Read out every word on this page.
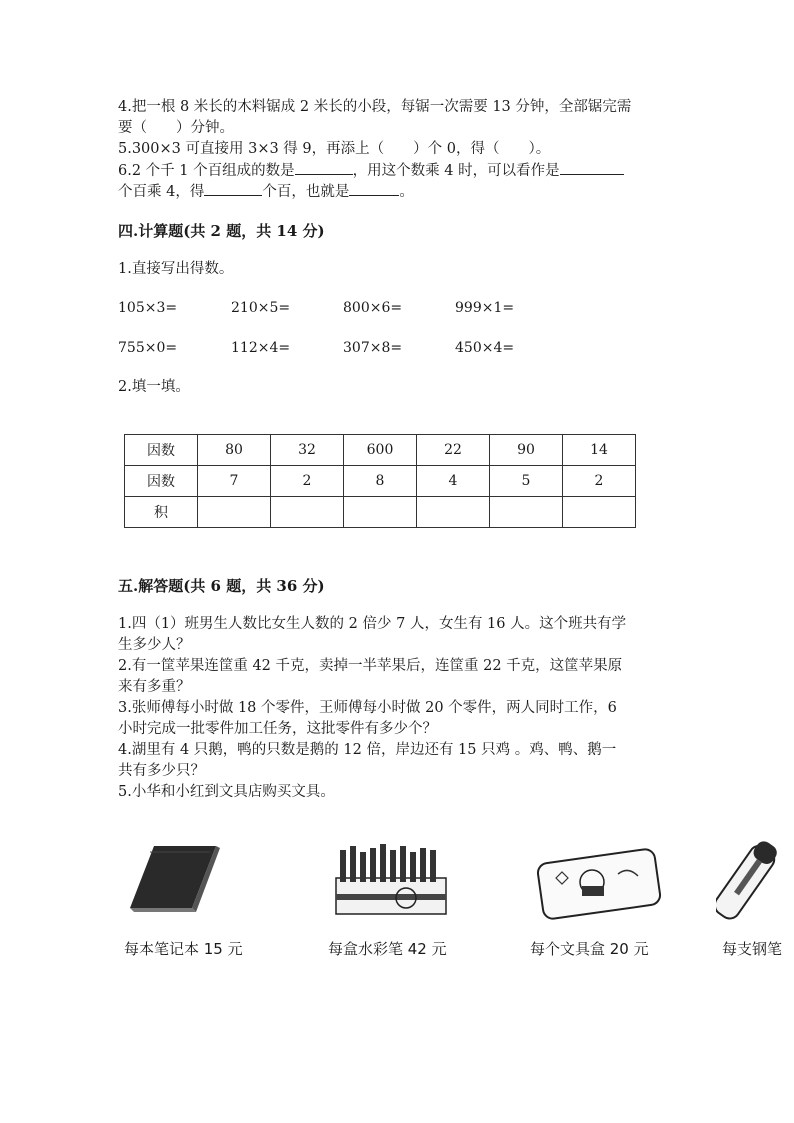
4.把一根 8 米长的木料锯成 2 米长的小段，每锯一次需要 13 分钟，全部锯完需
要（　　）分钟。
5.300×3 可直接用 3×3 得 9，再添上（　　）个 0，得（　　）。
6.2 个千 1 个百组成的数是	，用这个数乘 4 时，可以看作是
个百乘 4，得	个百，也就是	。
四.计算题(共 2 题，共 14 分)
1.直接写出得数。
105×3=	210×5=	800×6=	999×1=
755×0=	112×4=	307×8=	450×4=
2.填一填。
因数	80	32	600	22	90	14
因数	7	2	8	4	5	2
积						
五.解答题(共 6 题，共 36 分)
1.四（1）班男生人数比女生人数的 2 倍少 7 人，女生有 16 人。这个班共有学
生多少人？
2.有一筐苹果连筐重 42 千克，卖掉一半苹果后，连筐重 22 千克，这筐苹果原
来有多重？
3.张师傅每小时做 18 个零件，王师傅每小时做 20 个零件，两人同时工作，6
小时完成一批零件加工任务，这批零件有多少个？
4.湖里有 4 只鹅，鸭的只数是鹅的 12 倍，岸边还有 15 只鸡 。鸡、鸭、鹅一
共有多少只？
5.小华和小红到文具店购买文具。
每本笔记本 15 元	每盒水彩笔 42 元	每个文具盒 20 元	每支钢笔
